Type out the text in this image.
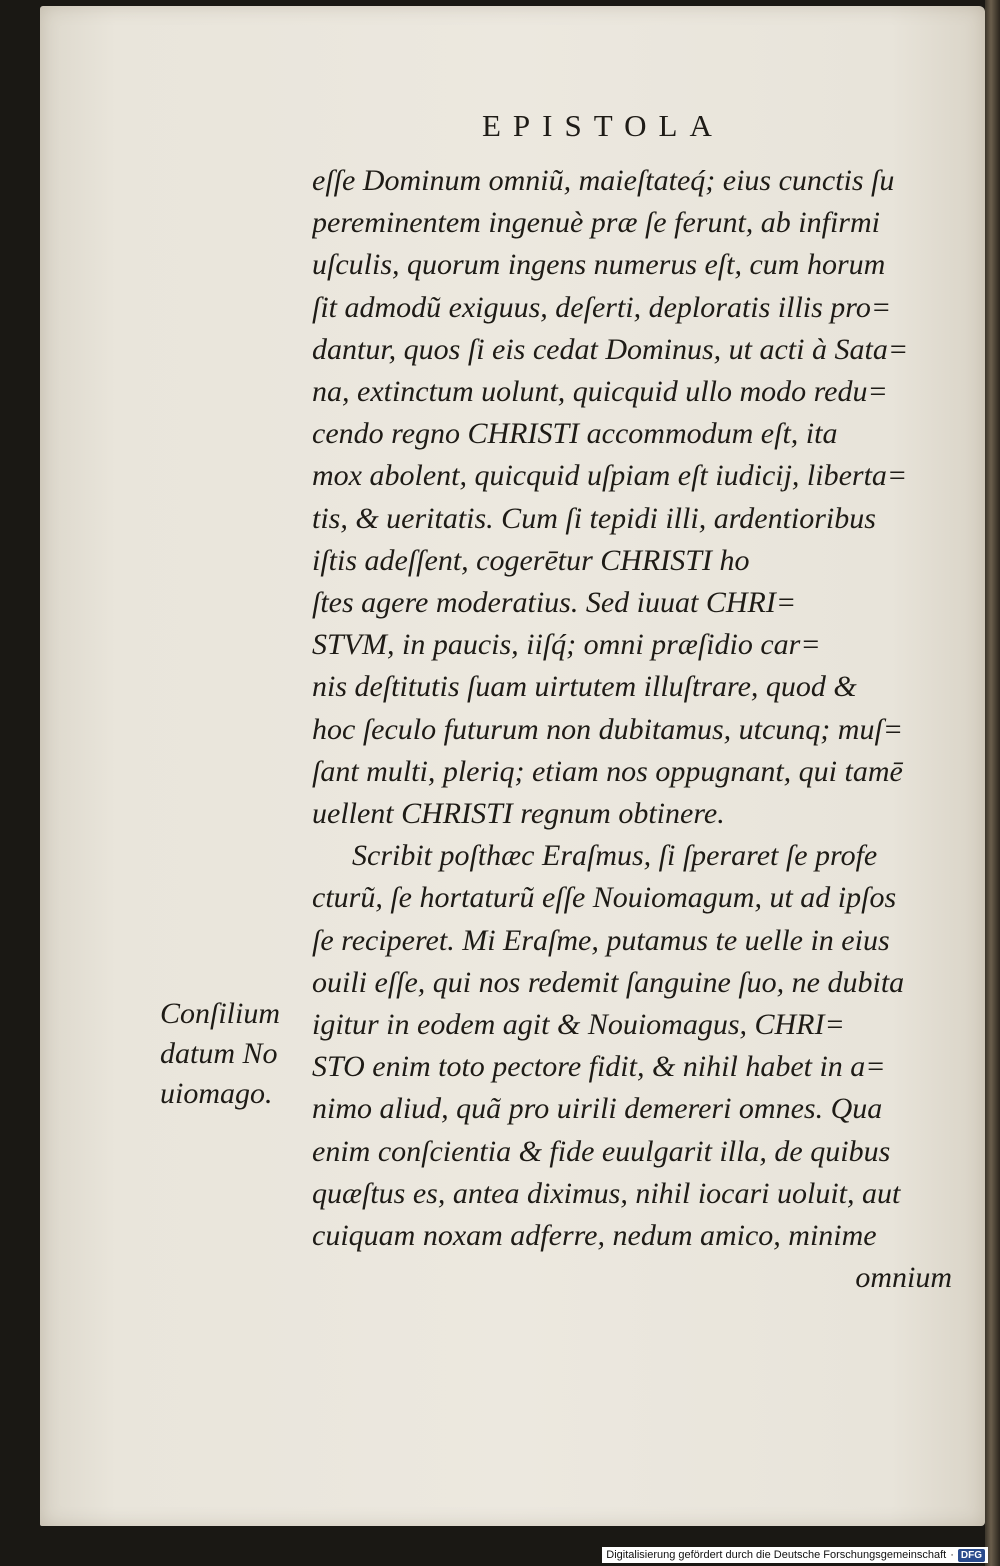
EPISTOLA
eſſe Dominum omniũ, maieſtateq́; eius cunctis ſu
pereminentem ingenuè præ ſe ferunt, ab infirmi
uſculis, quorum ingens numerus eſt, cum horum
ſit admodũ exiguus, deſerti, deploratis illis pro=
dantur, quos ſi eis cedat Dominus, ut acti à Sata=
na, extinctum uolunt, quicquid ullo modo redu=
cendo regno CHRISTI accommodum eſt, ita
mox abolent, quicquid uſpiam eſt iudicij, liberta=
tis, & ueritatis. Cum ſi tepidi illi, ardentioribus
iſtis adeſſent, cogerētur CHRISTI ho
ſtes agere moderatius. Sed iuuat CHRI=
STVM, in paucis, iiſq́; omni præſidio car=
nis deſtitutis ſuam uirtutem illuſtrare, quod &
hoc ſeculo futurum non dubitamus, utcunq; muſ=
ſant multi, pleriq; etiam nos oppugnant, qui tamē
uellent CHRISTI regnum obtinere.
Scribit poſthæc Eraſmus, ſi ſperaret ſe profe
cturũ, ſe hortaturũ eſſe Nouiomagum, ut ad ipſos
ſe reciperet. Mi Eraſme, putamus te uelle in eius
ouili eſſe, qui nos redemit ſanguine ſuo, ne dubita
igitur in eodem agit & Nouiomagus, CHRI=
STO enim toto pectore fidit, & nihil habet in a=
nimo aliud, quã pro uirili demereri omnes. Qua
enim conſcientia & fide euulgarit illa, de quibus
quæſtus es, antea diximus, nihil iocari uoluit, aut
cuiquam noxam adferre, nedum amico, minime
omnium
Conſilium
datum No
uiomago.
Digitalisierung gefördert durch die Deutsche Forschungsgemeinschaft · DFG
